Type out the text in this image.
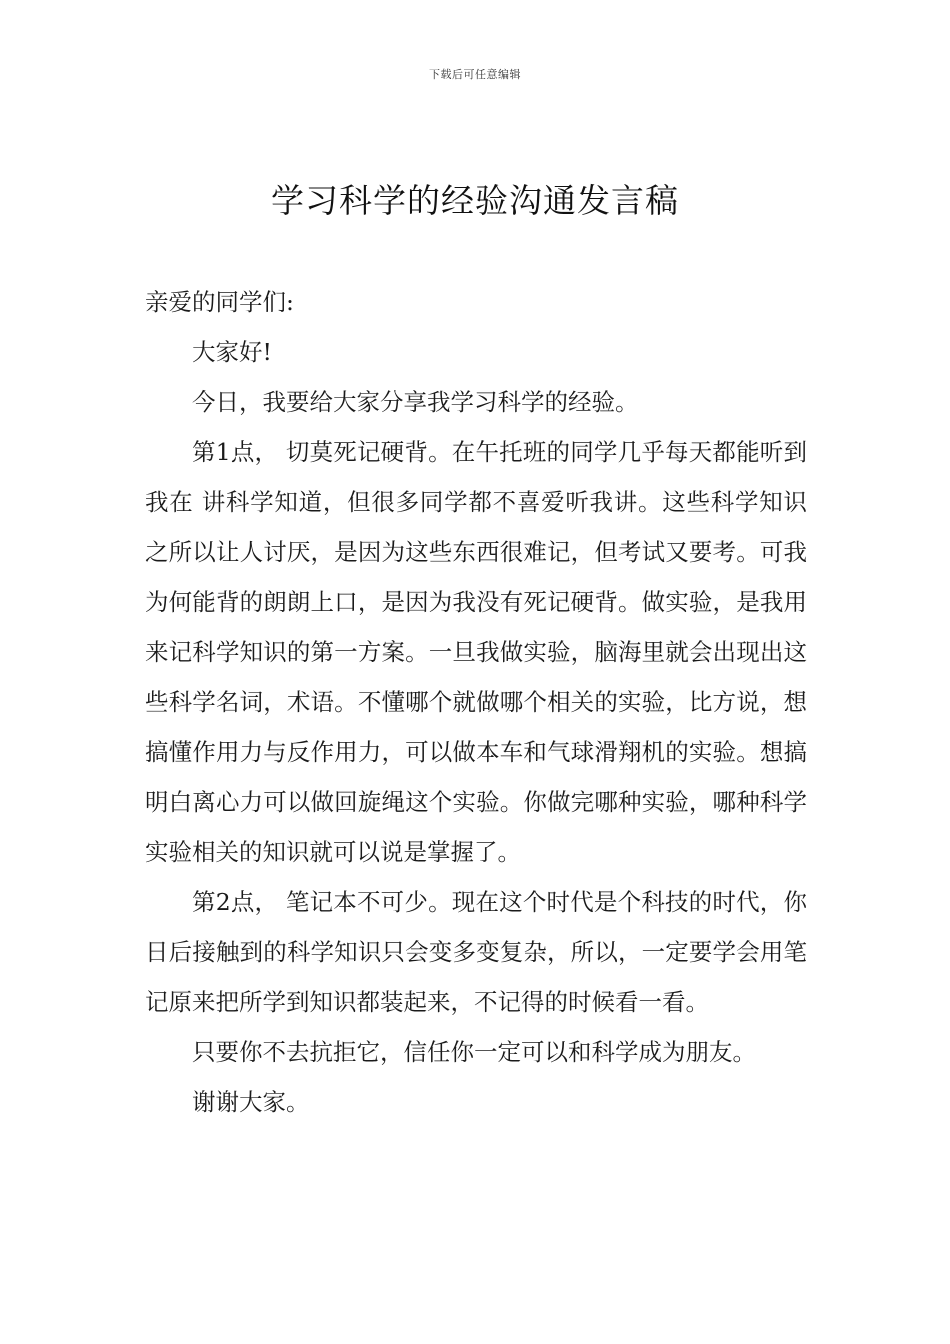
下载后可任意编辑
学习科学的经验沟通发言稿

亲爱的同学们:

大家好!

今日，我要给大家分享我学习科学的经验。

第1点， 切莫死记硬背。在午托班的同学几乎每天都能听到我在 讲科学知道，但很多同学都不喜爱听我讲。这些科学知识之所以让人讨厌，是因为这些东西很难记，但考试又要考。可我为何能背的朗朗上口，是因为我没有死记硬背。做实验，是我用来记科学知识的第一方案。一旦我做实验，脑海里就会出现出这些科学名词，术语。不懂哪个就做哪个相关的实验，比方说，想搞懂作用力与反作用力，可以做本车和气球滑翔机的实验。想搞明白离心力可以做回旋绳这个实验。你做完哪种实验，哪种科学实验相关的知识就可以说是掌握了。

第2点， 笔记本不可少。现在这个时代是个科技的时代，你日后接触到的科学知识只会变多变复杂，所以，一定要学会用笔记原来把所学到知识都装起来，不记得的时候看一看。

只要你不去抗拒它，信任你一定可以和科学成为朋友。

谢谢大家。
